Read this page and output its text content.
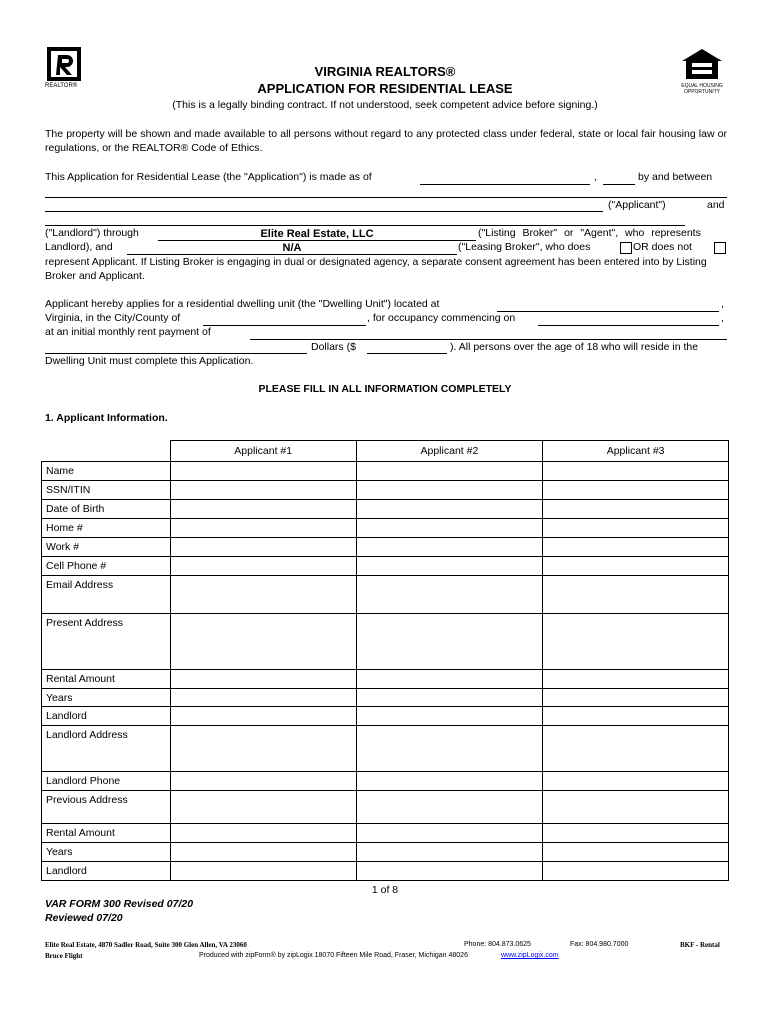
REALTOR®	EQUAL HOUSING OPPORTUNITY
VIRGINIA REALTORS®
APPLICATION FOR RESIDENTIAL LEASE
(This is a legally binding contract. If not understood, seek competent advice before signing.)
The property will be shown and made available to all persons without regard to any protected class under federal, state or local fair housing law or regulations, or the REALTOR® Code of Ethics.
This Application for Residential Lease (the "Application") is made as of	,	by and between
("Applicant")	and
("Landlord") through	Elite Real Estate, LLC	("Listing Broker" or "Agent", who represents
Landlord), and	N/A	("Leasing Broker", who does	OR does not
represent Applicant. If Listing Broker is engaging in dual or designated agency, a separate consent agreement has been entered into by Listing Broker and Applicant.
Applicant hereby applies for a residential dwelling unit (the "Dwelling Unit") located at	,
Virginia, in the City/County of	, for occupancy commencing on	,
at an initial monthly rent payment of
Dollars ($	). All persons over the age of 18 who will reside in the
Dwelling Unit must complete this Application.
PLEASE FILL IN ALL INFORMATION COMPLETELY
1. Applicant Information.
	Applicant #1	Applicant #2	Applicant #3
Name			
SSN/ITIN			
Date of Birth			
Home #			
Work #			
Cell Phone #			
Email Address			
Present Address			
Rental Amount			
Years			
Landlord			
Landlord Address			
Landlord Phone			
Previous Address			
Rental Amount			
Years			
Landlord			
1 of 8
VAR FORM 300 Revised 07/20
Reviewed 07/20
Elite Real Estate, 4870 Sadler Road, Suite 300 Glen Allen, VA 23060	Phone: 804.873.0625	Fax: 804.980.7000	BKF - Rental
Bruce Flight	Produced with zipForm® by zipLogix 18070 Fifteen Mile Road, Fraser, Michigan 48026	www.zipLogix.com
